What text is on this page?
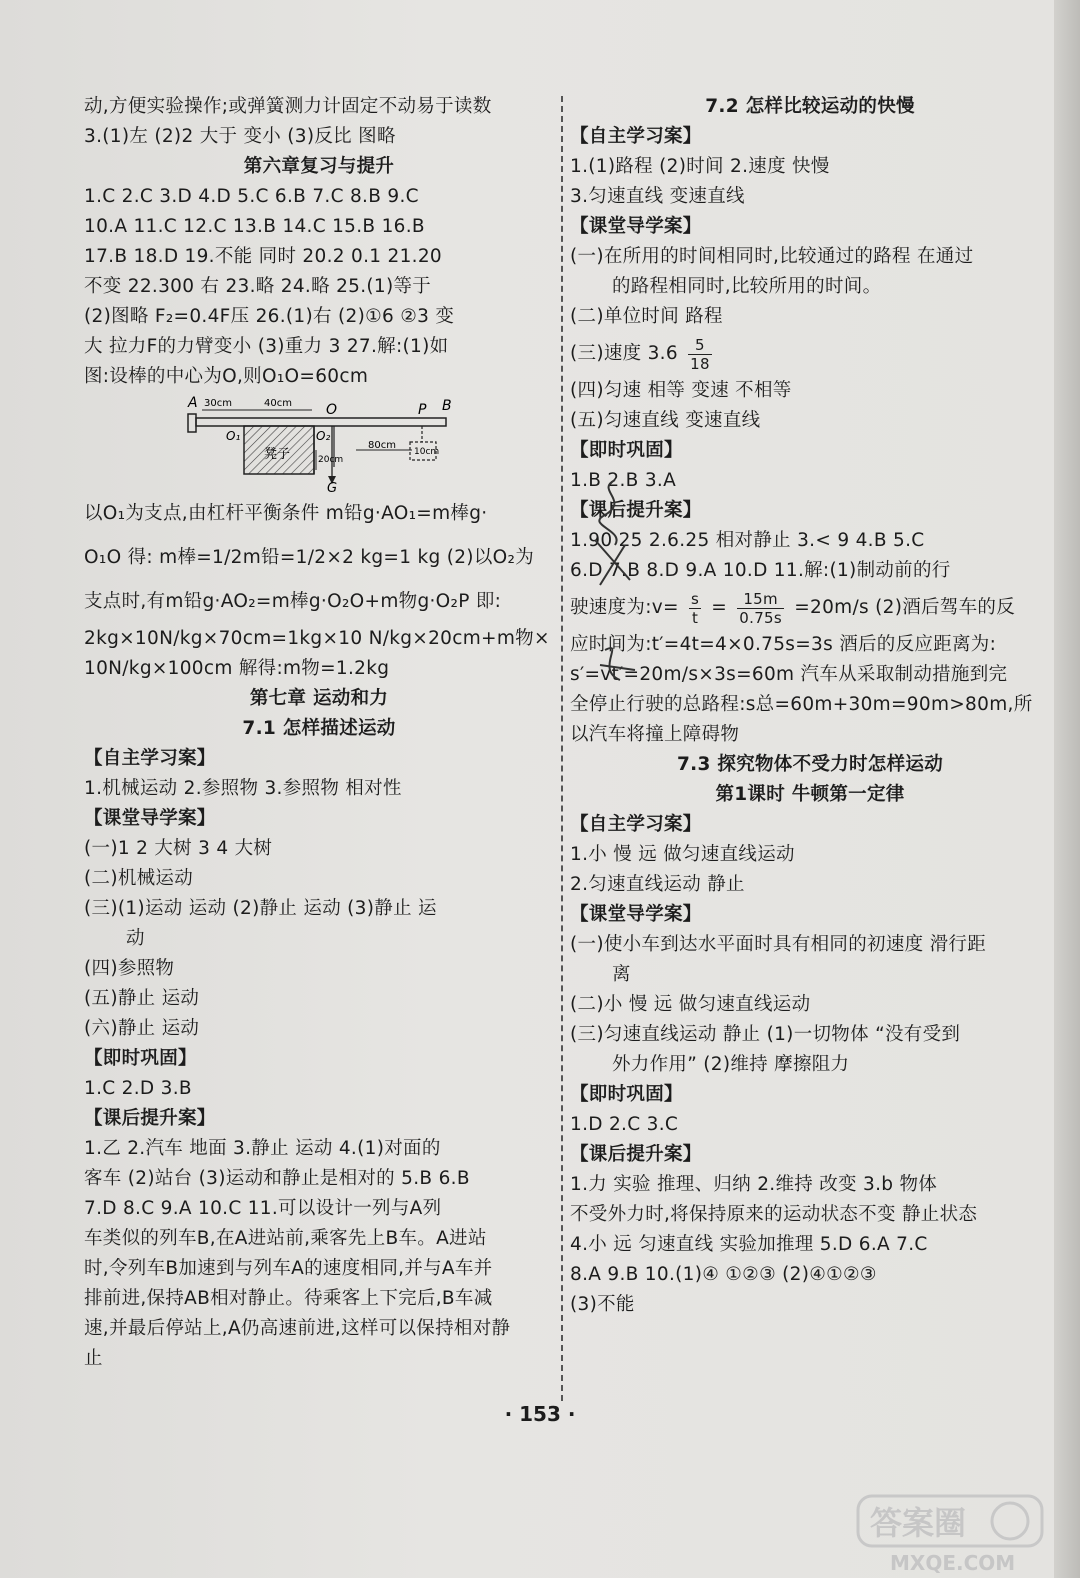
动,方便实验操作;或弹簧测力计固定不动易于读数
3.(1)左 (2)2 大于 变小 (3)反比 图略
第六章复习与提升
1.C 2.C 3.D 4.D 5.C 6.B 7.C 8.B 9.C
10.A 11.C 12.C 13.B 14.C 15.B 16.B
17.B 18.D 19.不能 同时 20.2 0.1 21.20
不变 22.300 右 23.略 24.略 25.(1)等于
(2)图略 F₂=0.4F压 26.(1)右 (2)①6 ②3 变
大 拉力F的力臂变小 (3)重力 3 27.解:(1)如
图:设棒的中心为O,则O₁O=60cm
A 30cm	40cm O	P B
O₁	O₂
凳子	20cm
80cm
10cm
G
以O₁为支点,由杠杆平衡条件 m铅g·AO₁=m棒g·
O₁O 得: m棒=1/2m铅=1/2×2 kg=1 kg (2)以O₂为
支点时,有m铅g·AO₂=m棒g·O₂O+m物g·O₂P 即:
2kg×10N/kg×70cm=1kg×10 N/kg×20cm+m物×
10N/kg×100cm 解得:m物=1.2kg
第七章 运动和力
7.1 怎样描述运动
【自主学习案】
1.机械运动 2.参照物 3.参照物 相对性
【课堂导学案】
(一)1 2 大树 3 4 大树
(二)机械运动
(三)(1)运动 运动 (2)静止 运动 (3)静止 运
动
(四)参照物
(五)静止 运动
(六)静止 运动
【即时巩固】
1.C 2.D 3.B
【课后提升案】
1.乙 2.汽车 地面 3.静止 运动 4.(1)对面的
客车 (2)站台 (3)运动和静止是相对的 5.B 6.B
7.D 8.C 9.A 10.C 11.可以设计一列与A列
车类似的列车B,在A进站前,乘客先上B车。A进站
时,令列车B加速到与列车A的速度相同,并与A车并
排前进,保持AB相对静止。待乘客上下完后,B车减
速,并最后停站上,A仍高速前进,这样可以保持相对静
止
7.2 怎样比较运动的快慢
【自主学习案】
1.(1)路程 (2)时间 2.速度 快慢
3.匀速直线 变速直线
【课堂导学案】
(一)在所用的时间相同时,比较通过的路程 在通过
的路程相同时,比较所用的时间。
(二)单位时间 路程
(三)速度 $3.6 \frac{5}{18}$
(四)匀速 相等 变速 不相等
(五)匀速直线 变速直线
【即时巩固】
1.B 2.B 3.A
【课后提升案】
1.90 25 2.6.25 相对静止 3.< 9 4.B 5.C
6.D 7.B 8.D 9.A 10.D 11.解:(1)制动前的行
驶速度为:v= $\frac{s}{t} = \frac{15m}{0.75s} =20m/s$ (2)酒后驾车的反
应时间为:t′=4t=4×0.75s=3s 酒后的反应距离为:
s′=vt′=20m/s×3s=60m 汽车从采取制动措施到完
全停止行驶的总路程:s总=60m+30m=90m>80m,所
以汽车将撞上障碍物
7.3 探究物体不受力时怎样运动
第1课时 牛顿第一定律
【自主学习案】
1.小 慢 远 做匀速直线运动
2.匀速直线运动 静止
【课堂导学案】
(一)使小车到达水平面时具有相同的初速度 滑行距
离
(二)小 慢 远 做匀速直线运动
(三)匀速直线运动 静止 (1)一切物体 “没有受到
外力作用” (2)维持 摩擦阻力
【即时巩固】
1.D 2.C 3.C
【课后提升案】
1.力 实验 推理、归纳 2.维持 改变 3.b 物体
不受外力时,将保持原来的运动状态不变 静止状态
4.小 远 匀速直线 实验加推理 5.D 6.A 7.C
8.A 9.B 10.(1)④ ①②③ (2)④①②③
(3)不能
· 153 ·
答案圈
MXQE.COM
